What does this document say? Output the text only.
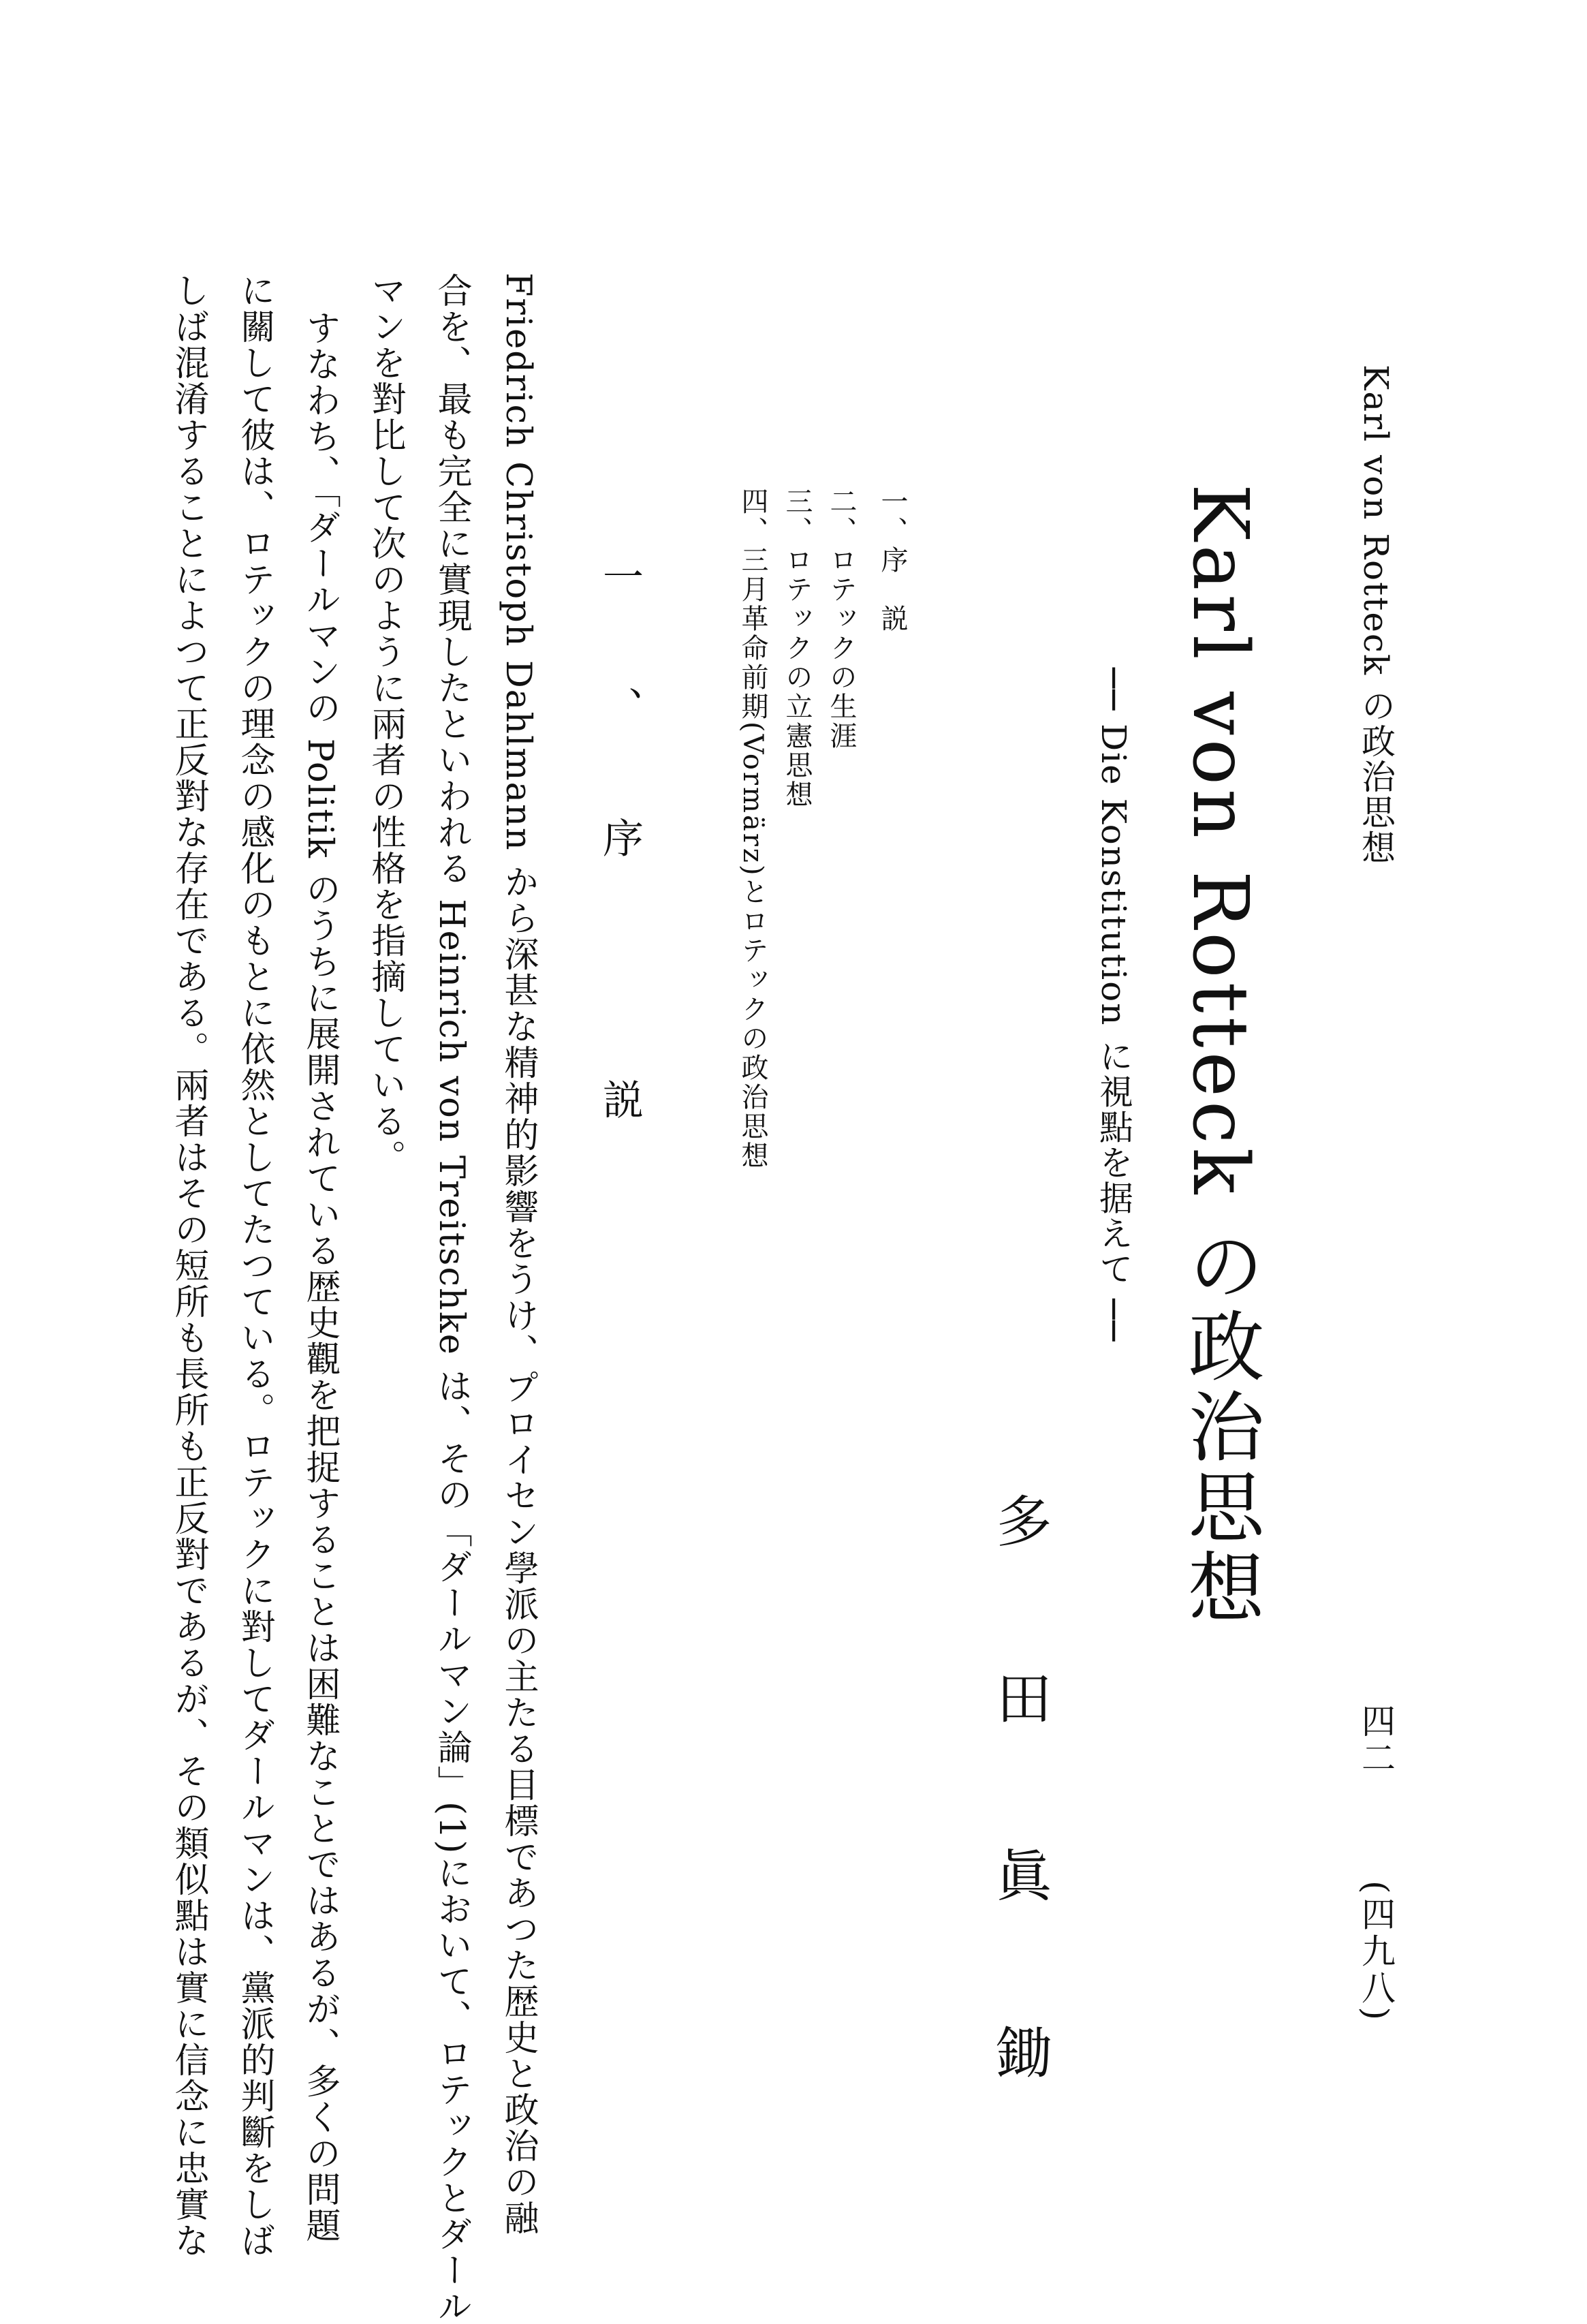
Karl von Rotteck の政治思想
四二
(四九八)
Karl von Rotteck の政治思想
── Die Konstitution に視點を据えて ──
多田眞鋤
一、序　説
二、ロテックの生涯
三、ロテックの立憲思想
四、三月革命前期(Vormärz)とロテックの政治思想
一、序　説
Friedrich Christoph Dahlmann から深甚な精神的影響をうけ、プロイセン學派の主たる目標であつた歴史と政治の融
合を、最も完全に實現したといわれる Heinrich von Treitschke は、その「ダールマン論」(1)において、ロテックとダール
マンを對比して次のように兩者の性格を指摘している。
すなわち、「ダールマンの Politik のうちに展開されている歴史觀を把捉することは困難なことではあるが、多くの問題
に關して彼は、ロテックの理念の感化のもとに依然としてたつている。ロテックに對してダールマンは、黨派的判斷をしば
しば混淆することによつて正反對な存在である。兩者はその短所も長所も正反對であるが、その類似點は實に信念に忠實な
